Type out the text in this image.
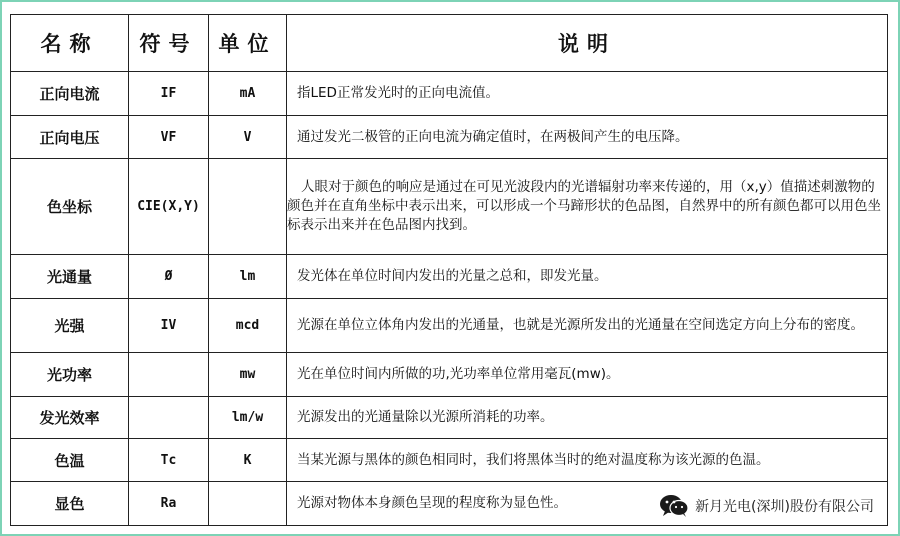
名称	符号	单位	说明
正向电流	IF	mA	指LED正常发光时的正向电流值。
正向电压	VF	V	通过发光二极管的正向电流为确定值时，在两极间产生的电压降。
色坐标	CIE(X,Y)		人眼对于颜色的响应是通过在可见光波段内的光谱辐射功率来传递的，用（x,y）值描述刺激物的颜色并在直角坐标中表示出来，可以形成一个马蹄形状的色品图，自然界中的所有颜色都可以用色坐标表示出来并在色品图内找到。
光通量	Ø	lm	发光体在单位时间内发出的光量之总和，即发光量。
光强	IV	mcd	光源在单位立体角内发出的光通量，也就是光源所发出的光通量在空间选定方向上分布的密度。
光功率		mw	光在单位时间内所做的功,光功率单位常用毫瓦(mw)。
发光效率		lm/w	光源发出的光通量除以光源所消耗的功率。
色温	Tc	K	当某光源与黑体的颜色相同时，我们将黑体当时的绝对温度称为该光源的色温。
显色	Ra		光源对物体本身颜色呈现的程度称为显色性。	新月光电(深圳)股份有限公司
